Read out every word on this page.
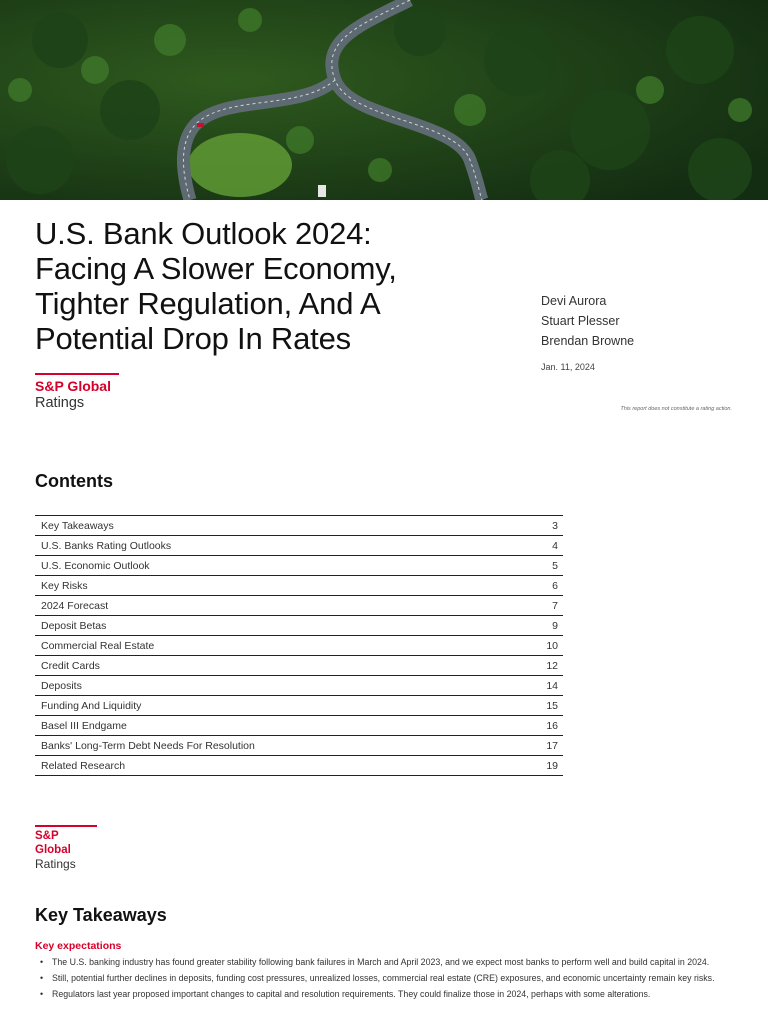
U.S. Bank Outlook 2024:
Facing A Slower Economy,
Tighter Regulation, And A
Potential Drop In Rates
Devi Aurora
Stuart Plesser
Brendan Browne
Jan. 11, 2024
This report does not constitute a rating action.
S&P Global
Ratings
Contents
Key Takeaways	3
U.S. Banks Rating Outlooks	4
U.S. Economic Outlook	5
Key Risks	6
2024 Forecast	7
Deposit Betas	9
Commercial Real Estate	10
Credit Cards	12
Deposits	14
Funding And Liquidity	15
Basel III Endgame	16
Banks' Long-Term Debt Needs For Resolution	17
Related Research	19
S&P Global
Ratings
Key Takeaways
Key expectations
• The U.S. banking industry has found greater stability following bank failures in March and April 2023, and we expect most banks to perform well and build capital in 2024.
• Still, potential further declines in deposits, funding cost pressures, unrealized losses, commercial real estate (CRE) exposures, and economic uncertainty remain key risks.
• Regulators last year proposed important changes to capital and resolution requirements. They could finalize those in 2024, perhaps with some alterations.
